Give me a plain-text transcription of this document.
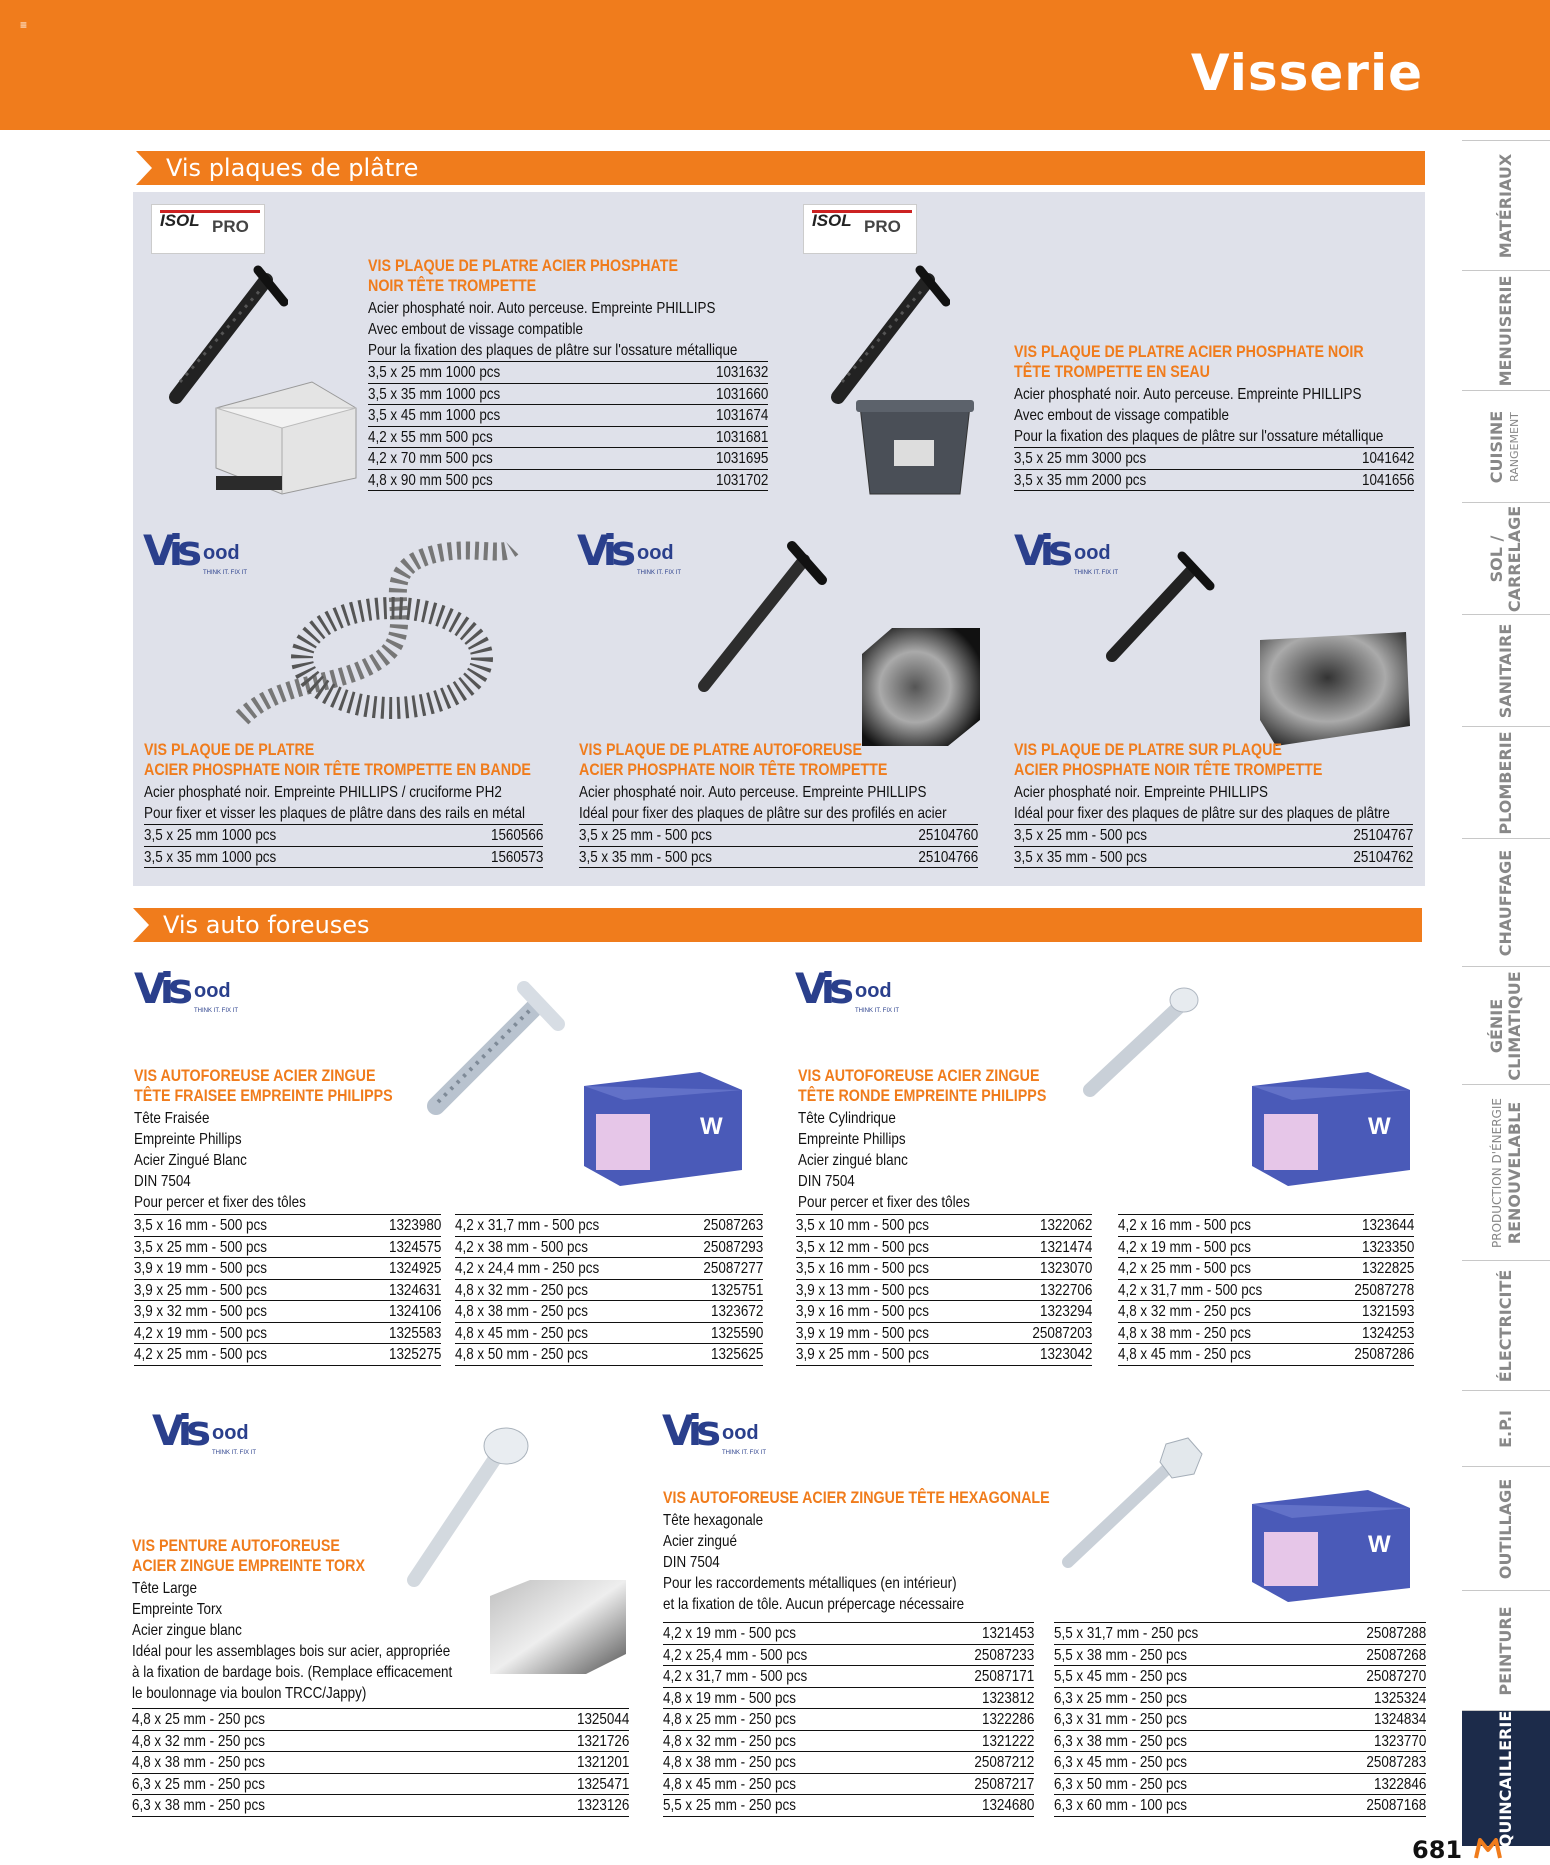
≡
Visserie
Vis plaques de plâtre
ISOL PRO
VIS PLAQUE DE PLATRE ACIER PHOSPHATE
NOIR TÊTE TROMPETTE
Acier phosphaté noir. Auto perceuse. Empreinte PHILLIPS
Avec embout de vissage compatible
Pour la fixation des plaques de plâtre sur l'ossature métallique
3,5 x 25 mm 1000 pcs	1031632
3,5 x 35 mm 1000 pcs	1031660
3,5 x 45 mm 1000 pcs	1031674
4,2 x 55 mm 500 pcs	1031681
4,2 x 70 mm 500 pcs	1031695
4,8 x 90 mm 500 pcs	1031702
ISOL PRO
VIS PLAQUE DE PLATRE ACIER PHOSPHATE NOIR
TÊTE TROMPETTE EN SEAU
Acier phosphaté noir. Auto perceuse. Empreinte PHILLIPS
Avec embout de vissage compatible
Pour la fixation des plaques de plâtre sur l'ossature métallique
3,5 x 25 mm 3000 pcs	1041642
3,5 x 35 mm 2000 pcs	1041656
Vis ood
THINK IT. FIX IT
VIS PLAQUE DE PLATRE
ACIER PHOSPHATE NOIR TÊTE TROMPETTE EN BANDE
Acier phosphaté noir. Empreinte PHILLIPS / cruciforme PH2
Pour fixer et visser les plaques de plâtre dans des rails en métal
3,5 x 25 mm 1000 pcs	1560566
3,5 x 35 mm 1000 pcs	1560573
Vis ood
THINK IT. FIX IT
VIS PLAQUE DE PLATRE AUTOFOREUSE
ACIER PHOSPHATE NOIR TÊTE TROMPETTE
Acier phosphaté noir. Auto perceuse. Empreinte PHILLIPS
Idéal pour fixer des plaques de plâtre sur des profilés en acier
3,5 x 25 mm - 500 pcs	25104760
3,5 x 35 mm - 500 pcs	25104766
Vis ood
THINK IT. FIX IT
VIS PLAQUE DE PLATRE SUR PLAQUE
ACIER PHOSPHATE NOIR TÊTE TROMPETTE
Acier phosphaté noir. Empreinte PHILLIPS
Idéal pour fixer des plaques de plâtre sur des plaques de plâtre
3,5 x 25 mm - 500 pcs	25104767
3,5 x 35 mm - 500 pcs	25104762
Vis auto foreuses
Vis ood
THINK IT. FIX IT
W
VIS AUTOFOREUSE ACIER ZINGUE
TÊTE FRAISEE EMPREINTE PHILIPPS
Tête Fraisée
Empreinte Phillips
Acier Zingué Blanc
DIN 7504
Pour percer et fixer des tôles
3,5 x 16 mm - 500 pcs	1323980
3,5 x 25 mm - 500 pcs	1324575
3,9 x 19 mm - 500 pcs	1324925
3,9 x 25 mm - 500 pcs	1324631
3,9 x 32 mm - 500 pcs	1324106
4,2 x 19 mm - 500 pcs	1325583
4,2 x 25 mm - 500 pcs	1325275
4,2 x 31,7 mm - 500 pcs	25087263
4,2 x 38 mm - 500 pcs	25087293
4,2 x 24,4 mm - 250 pcs	25087277
4,8 x 32 mm - 250 pcs	1325751
4,8 x 38 mm - 250 pcs	1323672
4,8 x 45 mm - 250 pcs	1325590
4,8 x 50 mm - 250 pcs	1325625
Vis ood
THINK IT. FIX IT
W
VIS AUTOFOREUSE ACIER ZINGUE
TÊTE RONDE EMPREINTE PHILIPPS
Tête Cylindrique
Empreinte Phillips
Acier zingué blanc
DIN 7504
Pour percer et fixer des tôles
3,5 x 10 mm - 500 pcs	1322062
3,5 x 12 mm - 500 pcs	1321474
3,5 x 16 mm - 500 pcs	1323070
3,9 x 13 mm - 500 pcs	1322706
3,9 x 16 mm - 500 pcs	1323294
3,9 x 19 mm - 500 pcs	25087203
3,9 x 25 mm - 500 pcs	1323042
4,2 x 16 mm - 500 pcs	1323644
4,2 x 19 mm - 500 pcs	1323350
4,2 x 25 mm - 500 pcs	1322825
4,2 x 31,7 mm - 500 pcs	25087278
4,8 x 32 mm - 250 pcs	1321593
4,8 x 38 mm - 250 pcs	1324253
4,8 x 45 mm - 250 pcs	25087286
Vis ood
THINK IT. FIX IT
VIS PENTURE AUTOFOREUSE
ACIER ZINGUE EMPREINTE TORX
Tête Large
Empreinte Torx
Acier zingue blanc
Idéal pour les assemblages bois sur acier, appropriée
à la fixation de bardage bois. (Remplace efficacement
le boulonnage via boulon TRCC/Jappy)
4,8 x 25 mm - 250 pcs	1325044
4,8 x 32 mm - 250 pcs	1321726
4,8 x 38 mm - 250 pcs	1321201
6,3 x 25 mm - 250 pcs	1325471
6,3 x 38 mm - 250 pcs	1323126
Vis ood
THINK IT. FIX IT
W
VIS AUTOFOREUSE ACIER ZINGUE TÊTE HEXAGONALE
Tête hexagonale
Acier zingué
DIN 7504
Pour les raccordements métalliques (en intérieur)
et la fixation de tôle. Aucun prépercage nécessaire
4,2 x 19 mm - 500 pcs	1321453
4,2 x 25,4 mm - 500 pcs	25087233
4,2 x 31,7 mm - 500 pcs	25087171
4,8 x 19 mm - 500 pcs	1323812
4,8 x 25 mm - 250 pcs	1322286
4,8 x 32 mm - 250 pcs	1321222
4,8 x 38 mm - 250 pcs	25087212
4,8 x 45 mm - 250 pcs	25087217
5,5 x 25 mm - 250 pcs	1324680
5,5 x 31,7 mm - 250 pcs	25087288
5,5 x 38 mm - 250 pcs	25087268
5,5 x 45 mm - 250 pcs	25087270
6,3 x 25 mm - 250 pcs	1325324
6,3 x 31 mm - 250 pcs	1324834
6,3 x 38 mm - 250 pcs	1323770
6,3 x 45 mm - 250 pcs	25087283
6,3 x 50 mm - 250 pcs	1322846
6,3 x 60 mm - 100 pcs	25087168
MATÉRIAUX
MENUISERIE
CUISINE RANGEMENT
SOL / CARRELAGE
SANITAIRE
PLOMBERIE
CHAUFFAGE
GÉNIE CLIMATIQUE
PRODUCTION D'ÉNERGIE RENOUVELABLE
ÉLECTRICITÉ
E.P.I
OUTILLAGE
PEINTURE
QUINCAILLERIE
681
